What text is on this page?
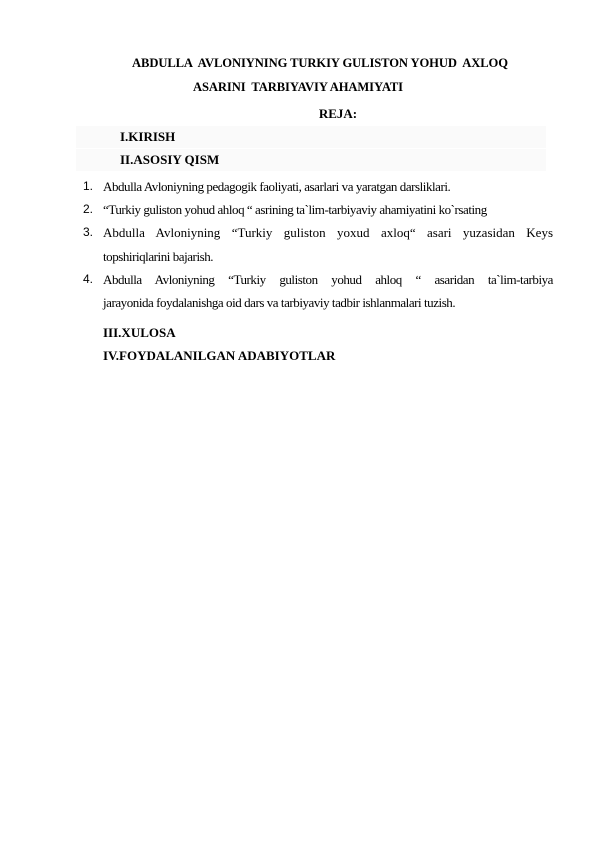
ABDULLA  AVLONIYNING TURKIY GULISTON YOHUD  AXLOQ
ASARINI  TARBIYAVIY AHAMIYATI
REJA:
I.KIRISH
II.ASOSIY QISM
1. Abdulla Avloniyning pedagogik faoliyati, asarlari va yaratgan darsliklari.
2. “Turkiy guliston yohud ahloq “ asrining ta`lim-tarbiyaviy ahamiyatini ko`rsating
3. Abdulla Avloniyning “Turkiy guliston yoxud axloq“ asari yuzasidan Keys
topshiriqlarini bajarish.
4. Abdulla Avloniyning “Turkiy guliston yohud ahloq “ asaridan ta`lim-tarbiya
jarayonida foydalanishga oid dars va tarbiyaviy tadbir ishlanmalari tuzish.
III.XULOSA
IV.FOYDALANILGAN ADABIYOTLAR
